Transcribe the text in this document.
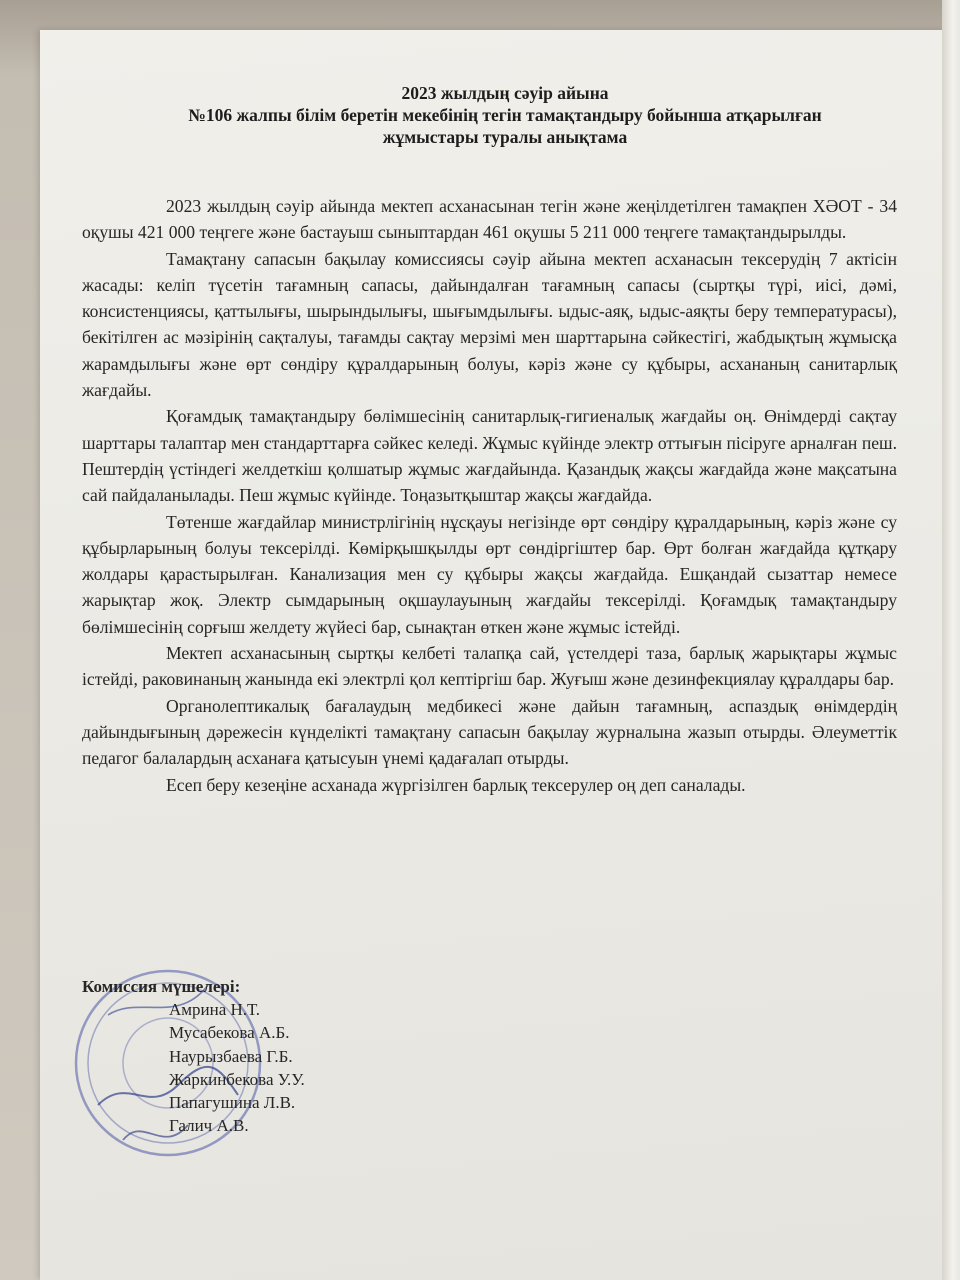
2023 жылдың сәуір айына
№106 жалпы білім беретін мекебінің тегін тамақтандыру бойынша атқарылған
жұмыстары туралы анықтама

2023 жылдың сәуір айында мектеп асханасынан тегін және жеңілдетілген тамақпен ХӘОТ - 34 оқушы 421 000 теңгеге және бастауыш сыныптардан 461 оқушы 5 211 000 теңгеге тамақтандырылды.

Тамақтану сапасын бақылау комиссиясы сәуір айына мектеп асханасын тексерудің 7 актісін жасады: келіп түсетін тағамның сапасы, дайындалған тағамның сапасы (сыртқы түрі, иісі, дәмі, консистенциясы, қаттылығы, шырындылығы, шығымдылығы. ыдыс-аяқ, ыдыс-аяқты беру температурасы), бекітілген ас мәзірінің сақталуы, тағамды сақтау мерзімі мен шарттарына сәйкестігі, жабдықтың жұмысқа жарамдылығы және өрт сөндіру құралдарының болуы, кәріз және су құбыры, асхананың санитарлық жағдайы.

Қоғамдық тамақтандыру бөлімшесінің санитарлық-гигиеналық жағдайы оң. Өнімдерді сақтау шарттары талаптар мен стандарттарға сәйкес келеді. Жұмыс күйінде электр оттығын пісіруге арналған пеш. Пештердің үстіндегі желдеткіш қолшатыр жұмыс жағдайында. Қазандық жақсы жағдайда және мақсатына сай пайдаланылады. Пеш жұмыс күйінде. Тоңазытқыштар жақсы жағдайда.

Төтенше жағдайлар министрлігінің нұсқауы негізінде өрт сөндіру құралдарының, кәріз және су құбырларының болуы тексерілді. Көмірқышқылды өрт сөндіргіштер бар. Өрт болған жағдайда құтқару жолдары қарастырылған. Канализация мен су құбыры жақсы жағдайда. Ешқандай сызаттар немесе жарықтар жоқ. Электр сымдарының оқшаулауының жағдайы тексерілді. Қоғамдық тамақтандыру бөлімшесінің сорғыш желдету жүйесі бар, сынақтан өткен және жұмыс істейді.

Мектеп асханасының сыртқы келбеті талапқа сай, үстелдері таза, барлық жарықтары жұмыс істейді, раковинаның жанында екі электрлі қол кептіргіш бар. Жуғыш және дезинфекциялау құралдары бар.

Органолептикалық бағалаудың медбикесі және дайын тағамның, аспаздық өнімдердің дайындығының дәрежесін күнделікті тамақтану сапасын бақылау журналына жазып отырды. Әлеуметтік педагог балалардың асханаға қатысуын үнемі қадағалап отырды.

Есеп беру кезеңіне асханада жүргізілген барлық тексерулер оң деп саналады.

Комиссия мүшелері:
Амрина Н.Т.
Мусабекова А.Б.
Наурызбаева Г.Б.
Жаркинбекова У.У.
Папагушина Л.В.
Галич А.В.
